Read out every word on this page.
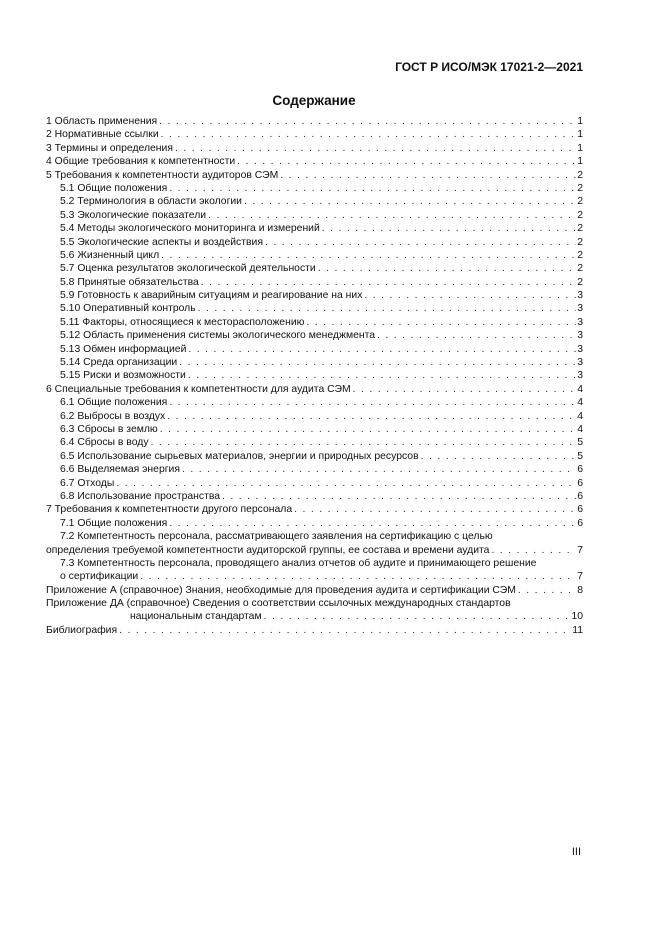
ГОСТ Р ИСО/МЭК 17021-2—2021
Содержание
1 Область применения . . .	1
2 Нормативные ссылки . . .	1
3 Термины и определения . . .	1
4 Общие требования к компетентности . . .	1
5 Требования к компетентности аудиторов СЭМ . . .	2
5.1 Общие положения . . .	2
5.2 Терминология в области экологии . . .	2
5.3 Экологические показатели . . .	2
5.4 Методы экологического мониторинга и измерений . . .	2
5.5 Экологические аспекты и воздействия . . .	2
5.6 Жизненный цикл . . .	2
5.7 Оценка результатов экологической деятельности . . .	2
5.8 Принятые обязательства . . .	2
5.9 Готовность к аварийным ситуациям и реагирование на них . . .	3
5.10 Оперативный контроль . . .	3
5.11 Факторы, относящиеся к месторасположению . . .	3
5.12 Область применения системы экологического менеджмента . . .	3
5.13 Обмен информацией . . .	3
5.14 Среда организации . . .	3
5.15 Риски и возможности . . .	3
6 Специальные требования к компетентности для аудита СЭМ . . .	4
6.1 Общие положения . . .	4
6.2 Выбросы в воздух . . .	4
6.3 Сбросы в землю . . .	4
6.4 Сбросы в воду . . .	5
6.5 Использование сырьевых материалов, энергии и природных ресурсов . . .	5
6.6 Выделяемая энергия . . .	6
6.7 Отходы . . .	6
6.8 Использование пространства . . .	6
7 Требования к компетентности другого персонала . . .	6
7.1 Общие положения . . .	6
7.2 Компетентность персонала, рассматривающего заявления на сертификацию с целью
определения требуемой компетентности аудиторской группы, ее состава и времени аудита . . .	7
7.3 Компетентность персонала, проводящего анализ отчетов об аудите и принимающего решение
о сертификации . . .	7
Приложение А (справочное) Знания, необходимые для проведения аудита и сертификации СЭМ . . .	8
Приложение ДА (справочное) Сведения о соответствии ссылочных международных стандартов
национальным стандартам . . .	10
Библиография . . .	11
III
